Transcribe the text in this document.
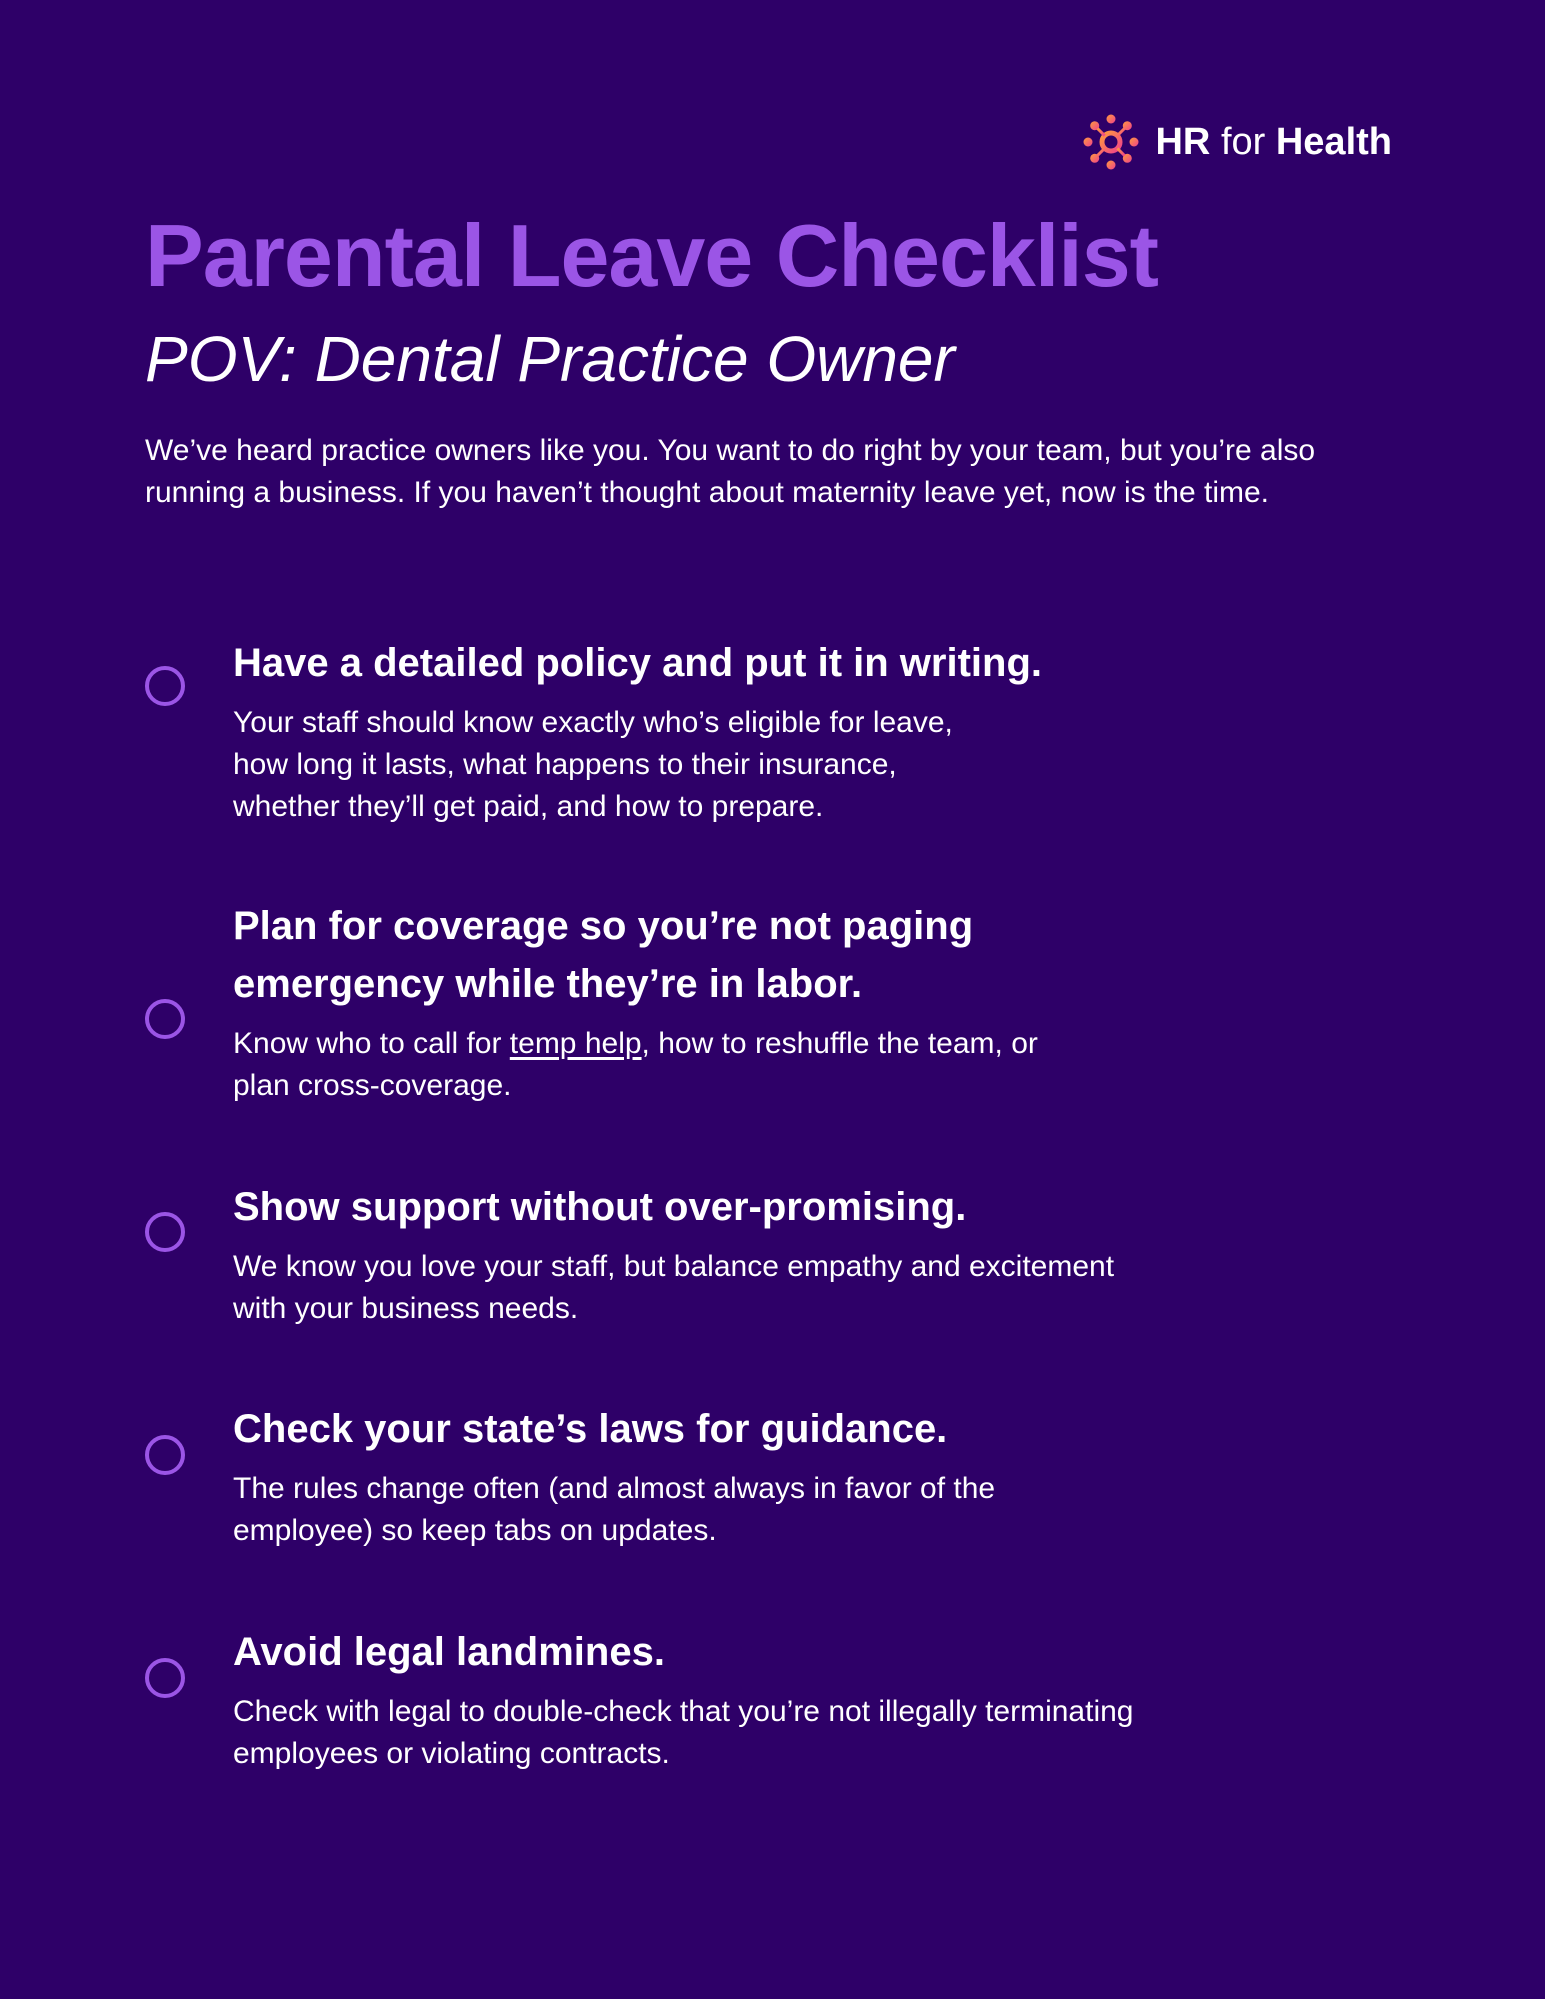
HR for Health
Parental Leave Checklist
POV: Dental Practice Owner

We’ve heard practice owners like you. You want to do right by your team, but you’re also running a business. If you haven’t thought about maternity leave yet, now is the time.

Have a detailed policy and put it in writing.

Your staff should know exactly who’s eligible for leave,
how long it lasts, what happens to their insurance,
whether they’ll get paid, and how to prepare.

Plan for coverage so you’re not paging
emergency while they’re in labor.

Know who to call for temp help, how to reshuffle the team, or
plan cross-coverage.

Show support without over-promising.

We know you love your staff, but balance empathy and excitement
with your business needs.

Check your state’s laws for guidance.

The rules change often (and almost always in favor of the
employee) so keep tabs on updates.

Avoid legal landmines.

Check with legal to double-check that you’re not illegally terminating
employees or violating contracts.
